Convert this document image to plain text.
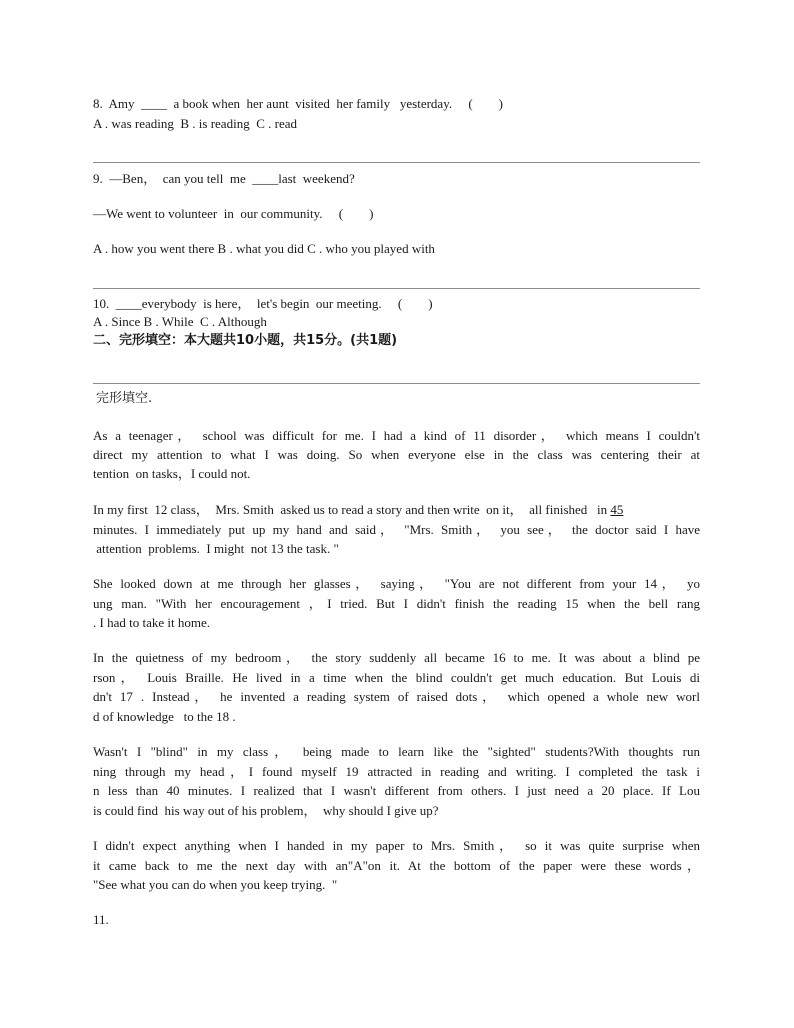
8.  Amy  ____  a book when  her aunt  visited  her family   yesterday.     (        )
A . was reading  B . is reading  C . read
9.  —Ben，  can you tell  me  ____last  weekend?
—We went to volunteer  in  our community.     (        )
A . how you went there B . what you did C . who you played with
10.  ____everybody  is here，  let's begin  our meeting.     (        )
A . Since B . While  C . Although
二、完形填空：本大题共10小题，共15分。(共1题)
完形填空.
As a teenager， school was difficult for me. I had a kind of 11 disorder， which means I couldn't
direct my attention to what I was doing. So when everyone else in the class was centering their at
tention  on tasks，I could not.
In my first  12 class，  Mrs. Smith  asked us to read a story and then write  on it，  all finished   in 45
minutes. I immediately put up my hand and said， "Mrs. Smith， you see， the doctor said I have
attention  problems.  I might  not 13 the task. "
She looked down at me through her glasses， saying， "You are not different from your 14， yo
ung man. "With her encouragement ，I tried. But I didn't finish the reading 15 when the bell rang
. I had to take it home.
In the quietness of my bedroom， the story suddenly all became 16 to me. It was about a blind pe
rson， Louis Braille. He lived in a time when the blind couldn't get much education. But Louis di
dn't 17 . Instead， he invented a reading system of raised dots， which opened a whole new worl
d of knowledge   to the 18 .
Wasn't I "blind" in my class， being made to learn like the "sighted" students?With thoughts run
ning through my head，I found myself 19 attracted in reading and writing. I completed the task i
n less than 40 minutes. I realized that I wasn't different from others. I just need a 20 place. If Lou
is could find  his way out of his problem，  why should I give up?
I didn't expect anything when I handed in my paper to Mrs. Smith， so it was quite surprise when
it came back to me the next day with an"A"on it. At the bottom of the paper were these words，
"See what you can do when you keep trying.  "
11.
